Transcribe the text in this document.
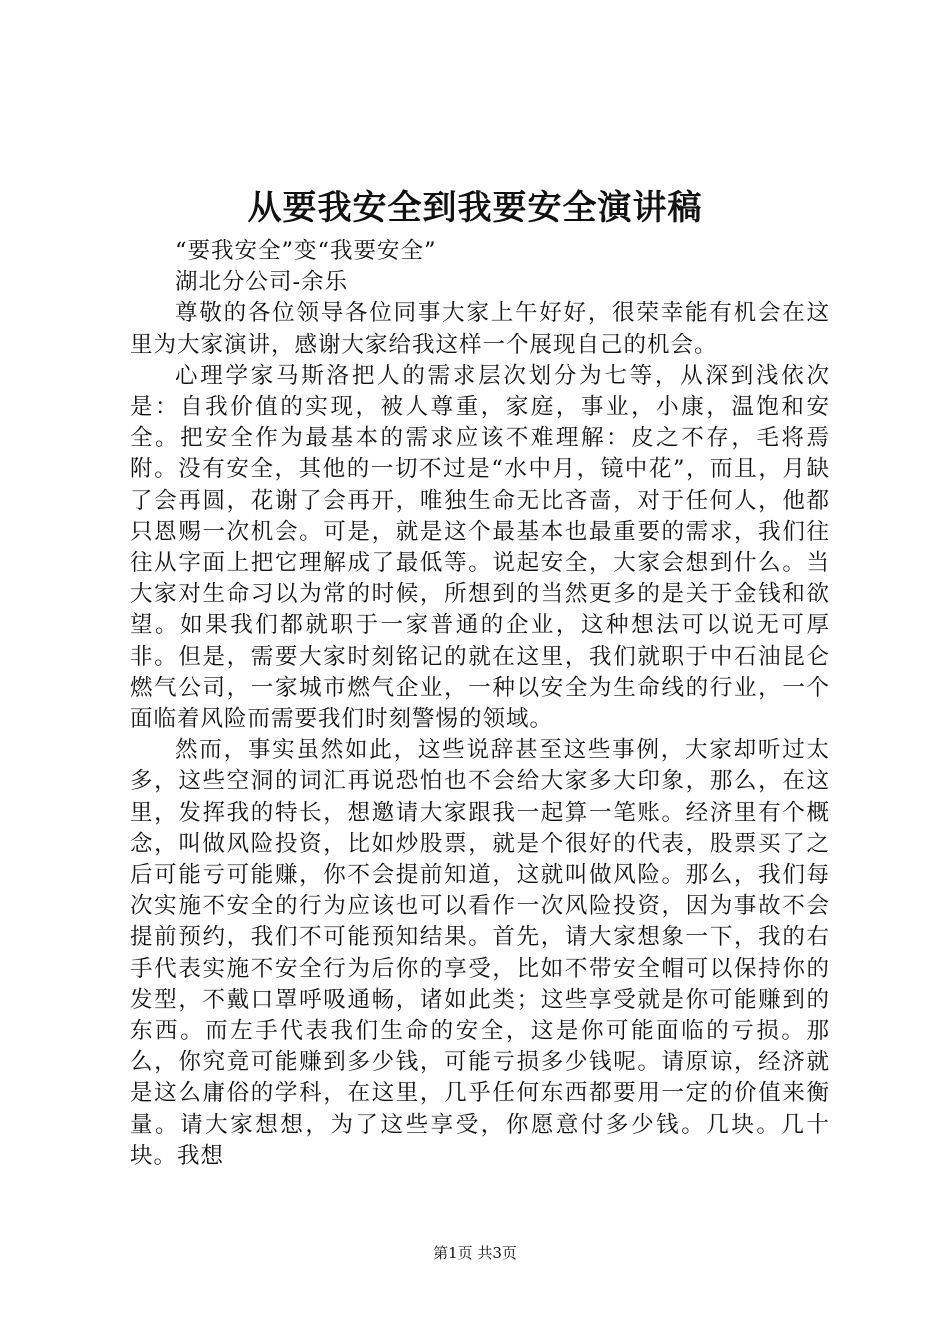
从要我安全到我要安全演讲稿

“要我安全”变“我要安全”

湖北分公司-余乐

尊敬的各位领导各位同事大家上午好好，很荣幸能有机会在这里为大家演讲，感谢大家给我这样一个展现自己的机会。

心理学家马斯洛把人的需求层次划分为七等，从深到浅依次是：自我价值的实现，被人尊重，家庭，事业，小康，温饱和安全。把安全作为最基本的需求应该不难理解：皮之不存，毛将焉附。没有安全，其他的一切不过是“水中月，镜中花”，而且，月缺了会再圆，花谢了会再开，唯独生命无比吝啬，对于任何人，他都只恩赐一次机会。可是，就是这个最基本也最重要的需求，我们往往从字面上把它理解成了最低等。说起安全，大家会想到什么。当大家对生命习以为常的时候，所想到的当然更多的是关于金钱和欲望。如果我们都就职于一家普通的企业，这种想法可以说无可厚非。但是，需要大家时刻铭记的就在这里，我们就职于中石油昆仑燃气公司，一家城市燃气企业，一种以安全为生命线的行业，一个面临着风险而需要我们时刻警惕的领域。

然而，事实虽然如此，这些说辞甚至这些事例，大家却听过太多，这些空洞的词汇再说恐怕也不会给大家多大印象，那么，在这里，发挥我的特长，想邀请大家跟我一起算一笔账。经济里有个概念，叫做风险投资，比如炒股票，就是个很好的代表，股票买了之后可能亏可能赚，你不会提前知道，这就叫做风险。那么，我们每次实施不安全的行为应该也可以看作一次风险投资，因为事故不会提前预约，我们不可能预知结果。首先，请大家想象一下，我的右手代表实施不安全行为后你的享受，比如不带安全帽可以保持你的发型，不戴口罩呼吸通畅，诸如此类；这些享受就是你可能赚到的东西。而左手代表我们生命的安全，这是你可能面临的亏损。那么，你究竟可能赚到多少钱，可能亏损多少钱呢。请原谅，经济就是这么庸俗的学科，在这里，几乎任何东西都要用一定的价值来衡量。请大家想想，为了这些享受，你愿意付多少钱。几块。几十块。我想

第1页 共3页
